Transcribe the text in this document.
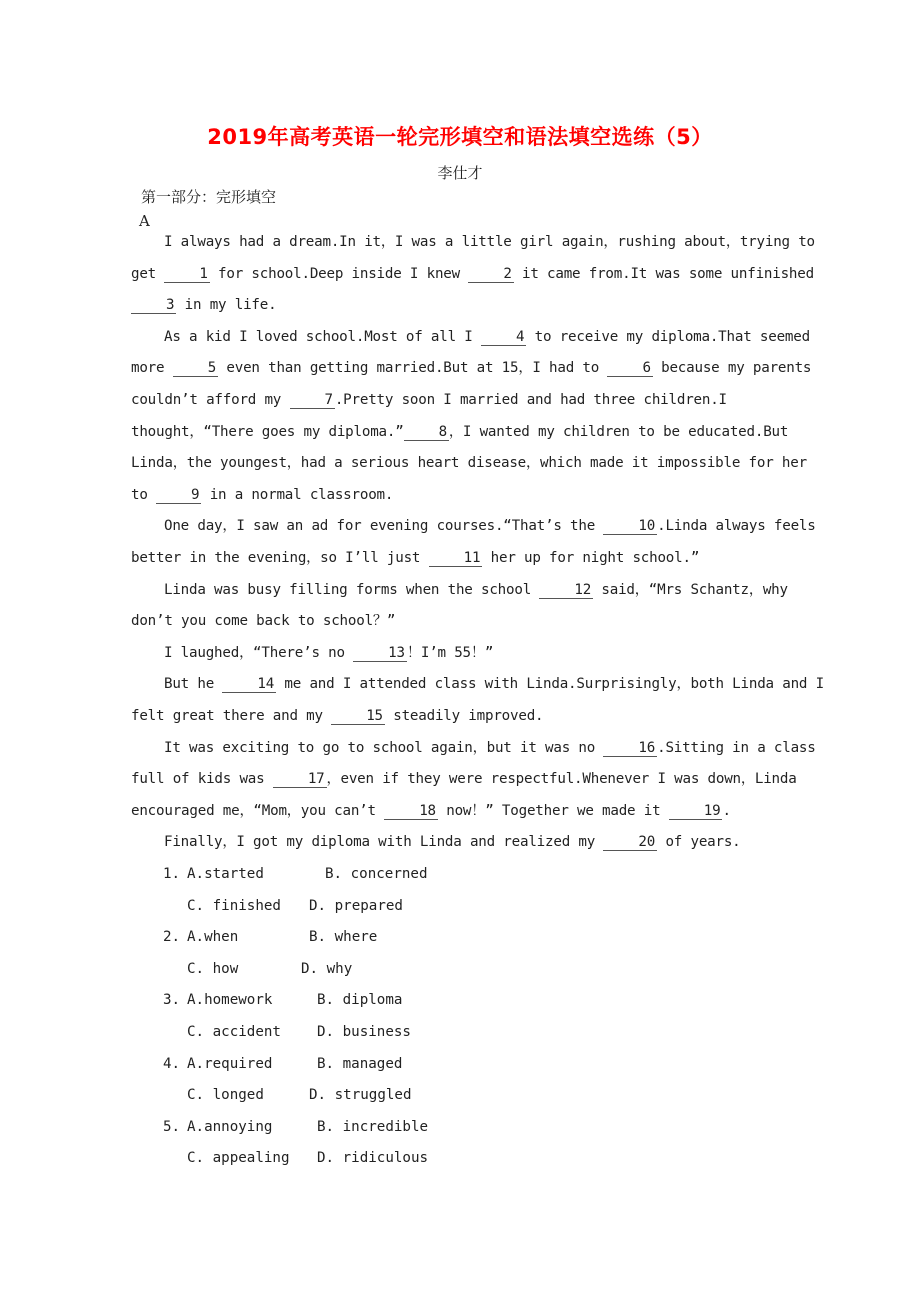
2019年高考英语一轮完形填空和语法填空选练（5）
李仕才
第一部分：完形填空
A

I always had a dream.In it，I was a little girl again，rushing about，trying to get 1 for school.Deep inside I knew 2 it came from.It was some unfinished 3 in my life.

As a kid I loved school.Most of all I 4 to receive my diploma.That seemed more 5 even than getting married.But at 15，I had to 6 because my parents couldn’t afford my 7 .Pretty soon I married and had three children.I thought，“There goes my diploma.” 8 ，I wanted my children to be educated.But Linda，the youngest，had a serious heart disease，which made it impossible for her to 9 in a normal classroom.

One day，I saw an ad for evening courses.“That’s the 10 .Linda always feels better in the evening，so I’ll just 11 her up for night school.”

Linda was busy filling forms when the school 12 said，“Mrs Schantz，why don’t you come back to school？”

I laughed，“There’s no 13 ！I’m 55！”

But he 14 me and I attended class with Linda.Surprisingly，both Linda and I felt great there and my 15 steadily improved.

It was exciting to go to school again，but it was no 16 .Sitting in a class full of kids was 17 ，even if they were respectful.Whenever I was down，Linda encouraged me，“Mom，you can’t 18 now！” Together we made it 19 .

Finally，I got my diploma with Linda and realized my 20 of years.

1. A.started	B. concerned
C. finished D. prepared
2. A.when	B. where
C. how	D. why
3. A.homework	B. diploma
C. accident	D. business
4. A.required	B. managed
C. longed	D. struggled
5. A.annoying	B. incredible
C. appealing D. ridiculous
